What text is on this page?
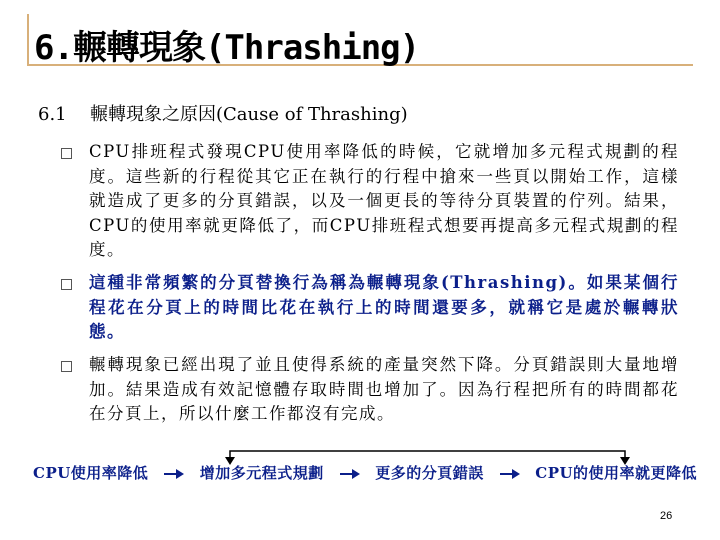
6.輾轉現象(Thrashing)
6.1 輾轉現象之原因(Cause of Thrashing)
CPU排班程式發現CPU使用率降低的時候，它就增加多元程式規劃的程度。這些新的行程從其它正在執行的行程中搶來一些頁以開始工作，這樣就造成了更多的分頁錯誤，以及一個更長的等待分頁裝置的佇列。結果，CPU的使用率就更降低了，而CPU排班程式想要再提高多元程式規劃的程度。
這種非常頻繁的分頁替換行為稱為輾轉現象(Thrashing)。如果某個行程花在分頁上的時間比花在執行上的時間還要多，就稱它是處於輾轉狀態。
輾轉現象已經出現了並且使得系統的產量突然下降。分頁錯誤則大量地增加。結果造成有效記憶體存取時間也增加了。因為行程把所有的時間都花在分頁上，所以什麼工作都沒有完成。
CPU使用率降低	增加多元程式規劃	更多的分頁錯誤	CPU的使用率就更降低
26
